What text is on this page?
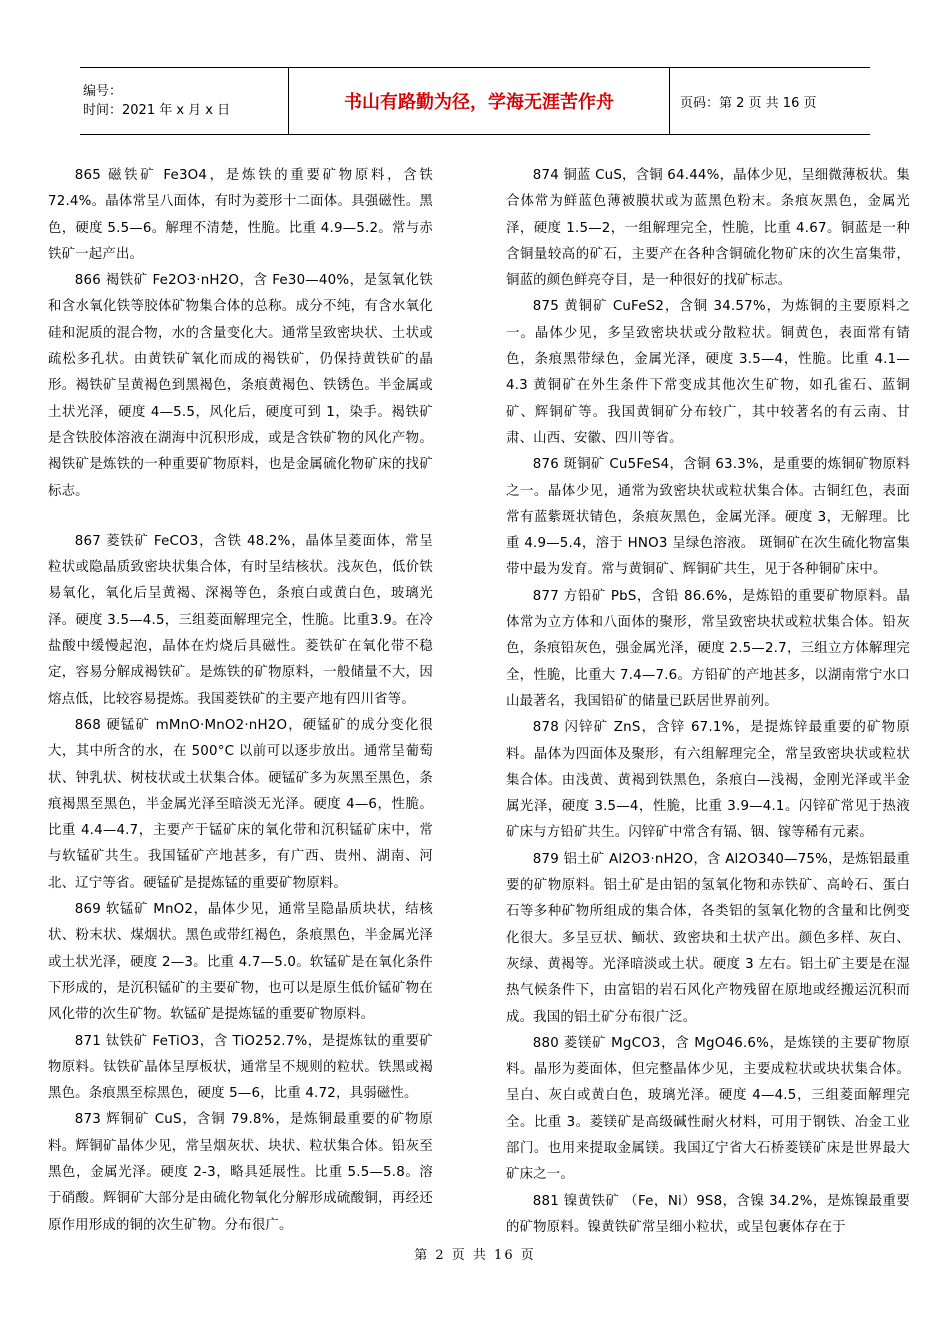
编号：
时间：2021 年 x 月 x 日	书山有路勤为径，学海无涯苦作舟	页码：第 2 页 共 16 页

865 磁铁矿 Fe3O4，是炼铁的重要矿物原料，含铁72.4%。晶体常呈八面体，有时为菱形十二面体。具强磁性。黑色，硬度 5.5—6。解理不清楚，性脆。比重 4.9—5.2。常与赤铁矿一起产出。

866 褐铁矿 Fe2O3·nH2O，含 Fe30—40%，是氢氧化铁和含水氧化铁等胶体矿物集合体的总称。成分不纯，有含水氧化硅和泥质的混合物，水的含量变化大。通常呈致密块状、土状或疏松多孔状。由黄铁矿氧化而成的褐铁矿，仍保持黄铁矿的晶形。褐铁矿呈黄褐色到黑褐色，条痕黄褐色、铁锈色。半金属或土状光泽，硬度 4—5.5，风化后，硬度可到 1，染手。褐铁矿是含铁胶体溶液在湖海中沉积形成，或是含铁矿物的风化产物。褐铁矿是炼铁的一种重要矿物原料，也是金属硫化物矿床的找矿标志。

867 菱铁矿 FeCO3，含铁 48.2%，晶体呈菱面体，常呈粒状或隐晶质致密块状集合体，有时呈结核状。浅灰色，低价铁易氧化，氧化后呈黄褐、深褐等色，条痕白或黄白色，玻璃光泽。硬度 3.5—4.5，三组菱面解理完全，性脆。比重3.9。在冷盐酸中缓慢起泡，晶体在灼烧后具磁性。菱铁矿在氧化带不稳定，容易分解成褐铁矿。是炼铁的矿物原料，一般储量不大，因熔点低，比较容易提炼。我国菱铁矿的主要产地有四川省等。

868 硬锰矿 mMnO·MnO2·nH2O，硬锰矿的成分变化很大，其中所含的水，在 500°C 以前可以逐步放出。通常呈葡萄状、钟乳状、树枝状或土状集合体。硬锰矿多为灰黑至黑色，条痕褐黑至黑色，半金属光泽至暗淡无光泽。硬度 4—6，性脆。比重 4.4—4.7，主要产于锰矿床的氧化带和沉积锰矿床中，常与软锰矿共生。我国锰矿产地甚多，有广西、贵州、湖南、河北、辽宁等省。硬锰矿是提炼锰的重要矿物原料。

869 软锰矿 MnO2，晶体少见，通常呈隐晶质块状，结核状、粉末状、煤烟状。黑色或带红褐色，条痕黑色，半金属光泽或土状光泽，硬度 2—3。比重 4.7—5.0。软锰矿是在氧化条件下形成的，是沉积锰矿的主要矿物，也可以是原生低价锰矿物在风化带的次生矿物。软锰矿是提炼锰的重要矿物原料。

871 钛铁矿 FeTiO3，含 TiO252.7%，是提炼钛的重要矿物原料。钛铁矿晶体呈厚板状，通常呈不规则的粒状。铁黑或褐黑色。条痕黑至棕黑色，硬度 5—6，比重 4.72，具弱磁性。

873 辉铜矿 CuS，含铜 79.8%，是炼铜最重要的矿物原料。辉铜矿晶体少见，常呈烟灰状、块状、粒状集合体。铅灰至黑色，金属光泽。硬度 2-3，略具延展性。比重 5.5—5.8。溶于硝酸。辉铜矿大部分是由硫化物氧化分解形成硫酸铜，再经还原作用形成的铜的次生矿物。分布很广。

874 铜蓝 CuS，含铜 64.44%，晶体少见，呈细微薄板状。集合体常为鲜蓝色薄被膜状或为蓝黑色粉末。条痕灰黑色，金属光泽，硬度 1.5—2，一组解理完全，性脆，比重 4.67。铜蓝是一种含铜量较高的矿石，主要产在各种含铜硫化物矿床的次生富集带，铜蓝的颜色鲜亮夺目，是一种很好的找矿标志。

875 黄铜矿 CuFeS2，含铜 34.57%，为炼铜的主要原料之一。晶体少见，多呈致密块状或分散粒状。铜黄色，表面常有锖色，条痕黑带绿色，金属光泽，硬度 3.5—4，性脆。比重 4.1—4.3 黄铜矿在外生条件下常变成其他次生矿物，如孔雀石、蓝铜矿、辉铜矿等。我国黄铜矿分布较广，其中较著名的有云南、甘肃、山西、安徽、四川等省。

876 斑铜矿 Cu5FeS4，含铜 63.3%，是重要的炼铜矿物原料之一。晶体少见，通常为致密块状或粒状集合体。古铜红色，表面常有蓝紫斑状锖色，条痕灰黑色，金属光泽。硬度 3，无解理。比重 4.9—5.4，溶于 HNO3 呈绿色溶液。 斑铜矿在次生硫化物富集带中最为发育。常与黄铜矿、辉铜矿共生，见于各种铜矿床中。

877 方铅矿 PbS，含铅 86.6%，是炼铅的重要矿物原料。晶体常为立方体和八面体的聚形，常呈致密块状或粒状集合体。铅灰色，条痕铅灰色，强金属光泽，硬度 2.5—2.7，三组立方体解理完全，性脆，比重大 7.4—7.6。方铅矿的产地甚多，以湖南常宁水口山最著名，我国铅矿的储量已跃居世界前列。

878 闪锌矿 ZnS，含锌 67.1%，是提炼锌最重要的矿物原料。晶体为四面体及聚形，有六组解理完全，常呈致密块状或粒状集合体。由浅黄、黄褐到铁黑色，条痕白—浅褐，金刚光泽或半金属光泽，硬度 3.5—4，性脆，比重 3.9—4.1。闪锌矿常见于热液矿床与方铅矿共生。闪锌矿中常含有镉、铟、镓等稀有元素。

879 铝土矿 Al2O3·nH2O，含 Al2O340—75%，是炼铝最重要的矿物原料。铝土矿是由铝的氢氧化物和赤铁矿、高岭石、蛋白石等多种矿物所组成的集合体，各类铝的氢氧化物的含量和比例变化很大。多呈豆状、鲕状、致密块和土状产出。颜色多样、灰白、灰绿、黄褐等。光泽暗淡或土状。硬度 3 左右。铝土矿主要是在湿热气候条件下，由富铝的岩石风化产物残留在原地或经搬运沉积而成。我国的铝土矿分布很广泛。

880 菱镁矿 MgCO3，含 MgO46.6%，是炼镁的主要矿物原料。晶形为菱面体，但完整晶体少见，主要成粒状或块状集合体。呈白、灰白或黄白色，玻璃光泽。硬度 4—4.5，三组菱面解理完全。比重 3。菱镁矿是高级碱性耐火材料，可用于钢铁、冶金工业部门。也用来提取金属镁。我国辽宁省大石桥菱镁矿床是世界最大矿床之一。

881 镍黄铁矿 （Fe，Ni）9S8，含镍 34.2%，是炼镍最重要的矿物原料。镍黄铁矿常呈细小粒状，或呈包裹体存在于

第 2 页 共 16 页
